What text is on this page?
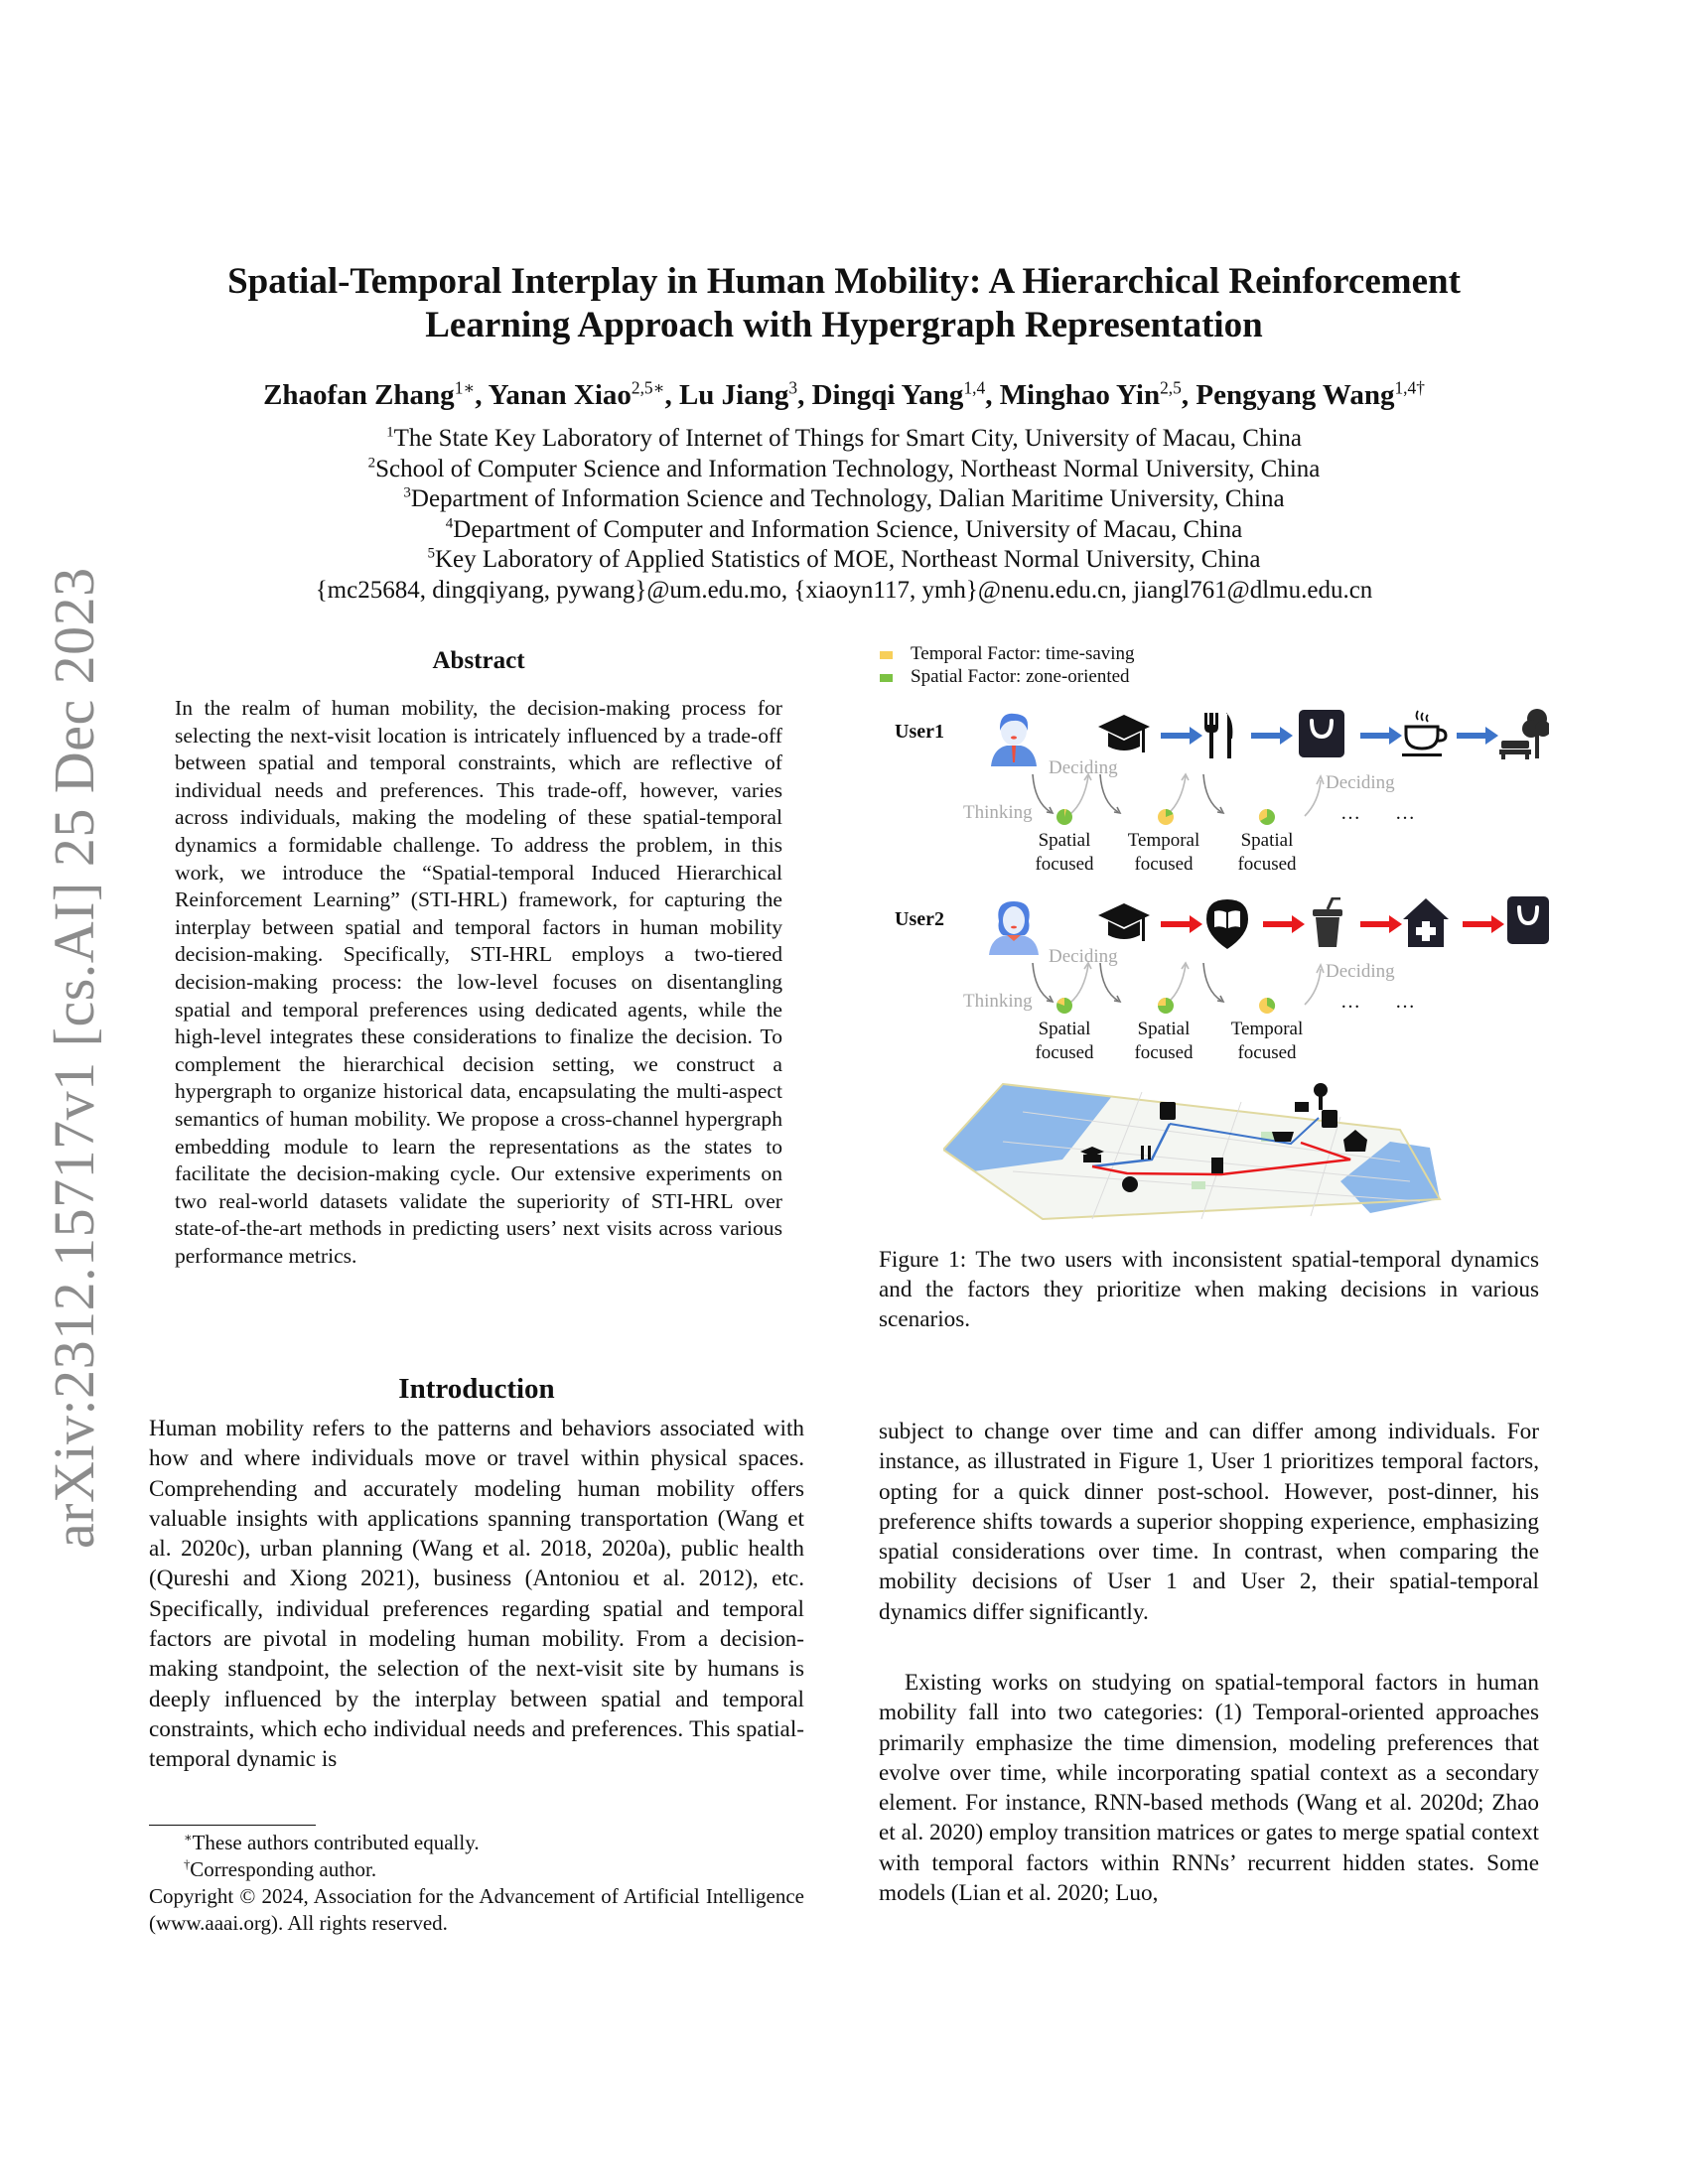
arXiv:2312.15717v1 [cs.AI] 25 Dec 2023
Spatial-Temporal Interplay in Human Mobility: A Hierarchical Reinforcement
Learning Approach with Hypergraph Representation
Zhaofan Zhang$^{1∗}$, Yanan Xiao$^{2,5∗}$, Lu Jiang$^3$, Dingqi Yang$^{1,4}$, Minghao Yin$^{2,5}$, Pengyang Wang$^{1,4\dagger}$
$^1$The State Key Laboratory of Internet of Things for Smart City, University of Macau, China
$^2$School of Computer Science and Information Technology, Northeast Normal University, China
$^3$Department of Information Science and Technology, Dalian Maritime University, China
$^4$Department of Computer and Information Science, University of Macau, China
$^5$Key Laboratory of Applied Statistics of MOE, Northeast Normal University, China
{mc25684, dingqiyang, pywang}@um.edu.mo, {xiaoyn117, ymh}@nenu.edu.cn, jiangl761@dlmu.edu.cn
Abstract
In the realm of human mobility, the decision-making process for selecting the next-visit location is intricately influenced by a trade-off between spatial and temporal constraints, which are reflective of individual needs and preferences. This trade-off, however, varies across individuals, making the modeling of these spatial-temporal dynamics a formidable challenge. To address the problem, in this work, we introduce the “Spatial-temporal Induced Hierarchical Reinforcement Learning” (STI-HRL) framework, for capturing the interplay between spatial and temporal factors in human mobility decision-making. Specifically, STI-HRL employs a two-tiered decision-making process: the low-level focuses on disentangling spatial and temporal preferences using dedicated agents, while the high-level integrates these considerations to finalize the decision. To complement the hierarchical decision setting, we construct a hypergraph to organize historical data, encapsulating the multi-aspect semantics of human mobility. We propose a cross-channel hypergraph embedding module to learn the representations as the states to facilitate the decision-making cycle. Our extensive experiments on two real-world datasets validate the superiority of STI-HRL over state-of-the-art methods in predicting users’ next visits across various performance metrics.
Temporal Factor: time-saving
Spatial Factor: zone-oriented
User1
Deciding
Deciding
Thinking	… …
Spatial
focused
Temporal
focused
Spatial
focused
User2
Deciding
Deciding
Thinking	… …
Spatial
focused
Spatial
focused
Temporal
focused
Figure 1: The two users with inconsistent spatial-temporal dynamics and the factors they prioritize when making decisions in various scenarios.
Introduction
Human mobility refers to the patterns and behaviors associated with how and where individuals move or travel within physical spaces. Comprehending and accurately modeling human mobility offers valuable insights with applications spanning transportation (Wang et al. 2020c), urban planning (Wang et al. 2018, 2020a), public health (Qureshi and Xiong 2021), business (Antoniou et al. 2012), etc. Specifically, individual preferences regarding spatial and temporal factors are pivotal in modeling human mobility. From a decision-making standpoint, the selection of the next-visit site by humans is deeply influenced by the interplay between spatial and temporal constraints, which echo individual needs and preferences. This spatial-temporal dynamic is
subject to change over time and can differ among individuals. For instance, as illustrated in Figure 1, User 1 prioritizes temporal factors, opting for a quick dinner post-school. However, post-dinner, his preference shifts towards a superior shopping experience, emphasizing spatial considerations over time. In contrast, when comparing the mobility decisions of User 1 and User 2, their spatial-temporal dynamics differ significantly.
Existing works on studying on spatial-temporal factors in human mobility fall into two categories: (1) Temporal-oriented approaches primarily emphasize the time dimension, modeling preferences that evolve over time, while incorporating spatial context as a secondary element. For instance, RNN-based methods (Wang et al. 2020d; Zhao et al. 2020) employ transition matrices or gates to merge spatial context with temporal factors within RNNs’ recurrent hidden states. Some models (Lian et al. 2020; Luo,
∗These authors contributed equally.
†Corresponding author.
Copyright © 2024, Association for the Advancement of Artificial Intelligence (www.aaai.org). All rights reserved.
